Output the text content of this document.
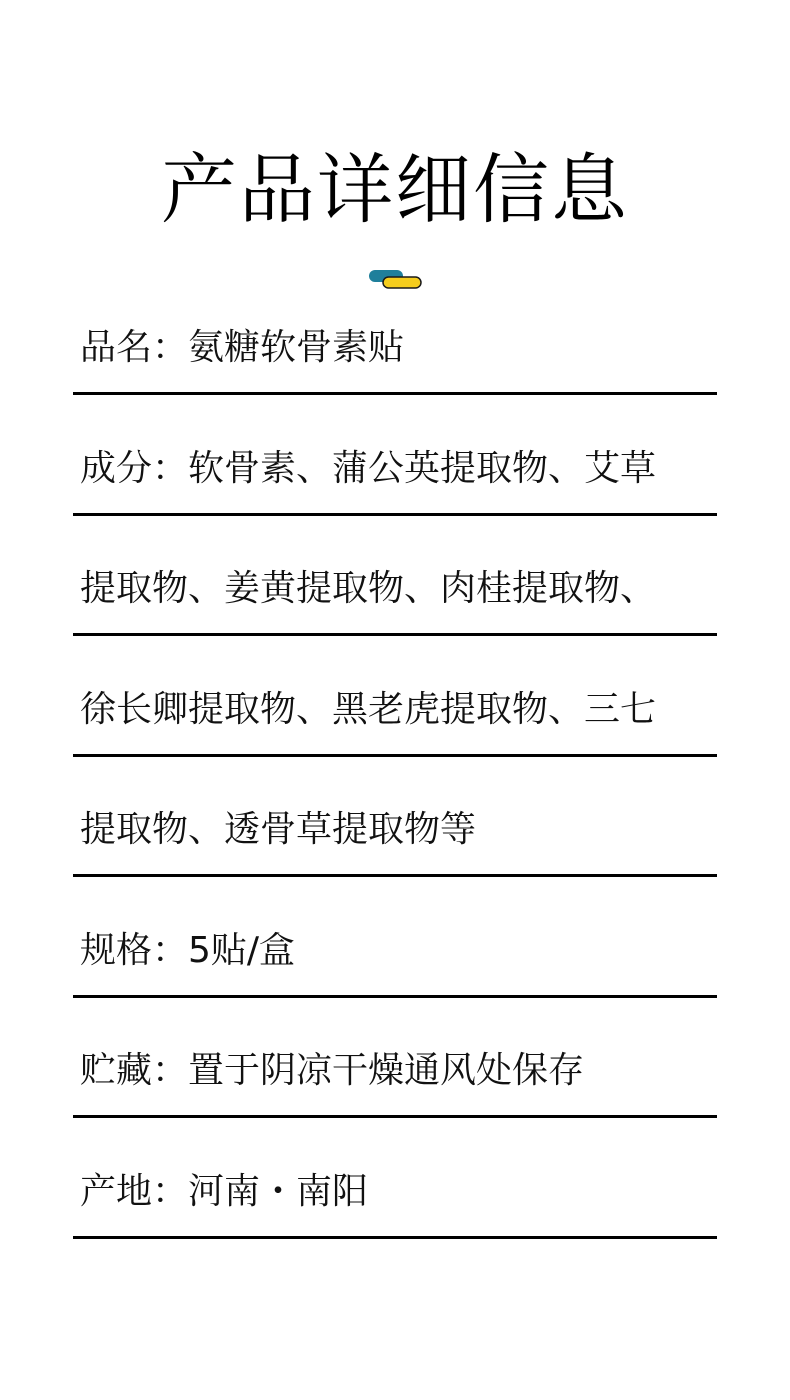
产品详细信息
品名：氨糖软骨素贴
成分：软骨素、蒲公英提取物、艾草
提取物、姜黄提取物、肉桂提取物、
徐长卿提取物、黑老虎提取物、三七
提取物、透骨草提取物等
规格：5贴/盒
贮藏：置于阴凉干燥通风处保存
产地：河南・南阳
